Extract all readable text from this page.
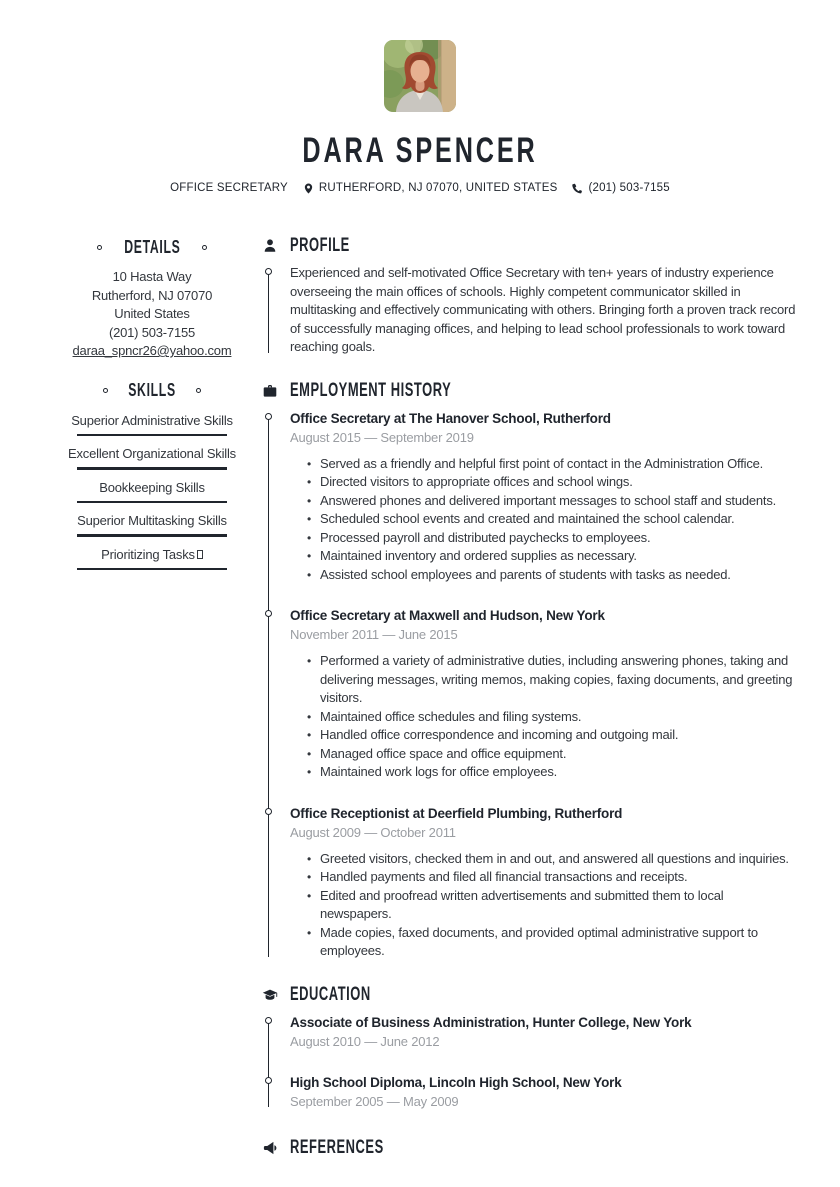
DARA SPENCER
OFFICE SECRETARY	RUTHERFORD, NJ 07070, UNITED STATES	(201) 503-7155
DETAILS
10 Hasta Way
Rutherford, NJ 07070
United States
(201) 503-7155
daraa_spncr26@yahoo.com
SKILLS
Superior Administrative Skills
Excellent Organizational Skills
Bookkeeping Skills
Superior Multitasking Skills
Prioritizing Tasks
PROFILE

Experienced and self-motivated Office Secretary with ten+ years of industry experience overseeing the main offices of schools. Highly competent communicator skilled in multitasking and effectively communicating with others. Bringing forth a proven track record of successfully managing offices, and helping to lead school professionals to work toward reaching goals.

EMPLOYMENT HISTORY
Office Secretary at The Hanover School, Rutherford
August 2015 — September 2019
• Served as a friendly and helpful first point of contact in the Administration Office.
• Directed visitors to appropriate offices and school wings.
• Answered phones and delivered important messages to school staff and students.
• Scheduled school events and created and maintained the school calendar.
• Processed payroll and distributed paychecks to employees.
• Maintained inventory and ordered supplies as necessary.
• Assisted school employees and parents of students with tasks as needed.
Office Secretary at Maxwell and Hudson, New York
November 2011 — June 2015
• Performed a variety of administrative duties, including answering phones, taking and delivering messages, writing memos, making copies, faxing documents, and greeting visitors.
• Maintained office schedules and filing systems.
• Handled office correspondence and incoming and outgoing mail.
• Managed office space and office equipment.
• Maintained work logs for office employees.
Office Receptionist at Deerfield Plumbing, Rutherford
August 2009 — October 2011
• Greeted visitors, checked them in and out, and answered all questions and inquiries.
• Handled payments and filed all financial transactions and receipts.
• Edited and proofread written advertisements and submitted them to local newspapers.
• Made copies, faxed documents, and provided optimal administrative support to employees.
EDUCATION
Associate of Business Administration, Hunter College, New York
August 2010 — June 2012
High School Diploma, Lincoln High School, New York
September 2005 — May 2009
REFERENCES
